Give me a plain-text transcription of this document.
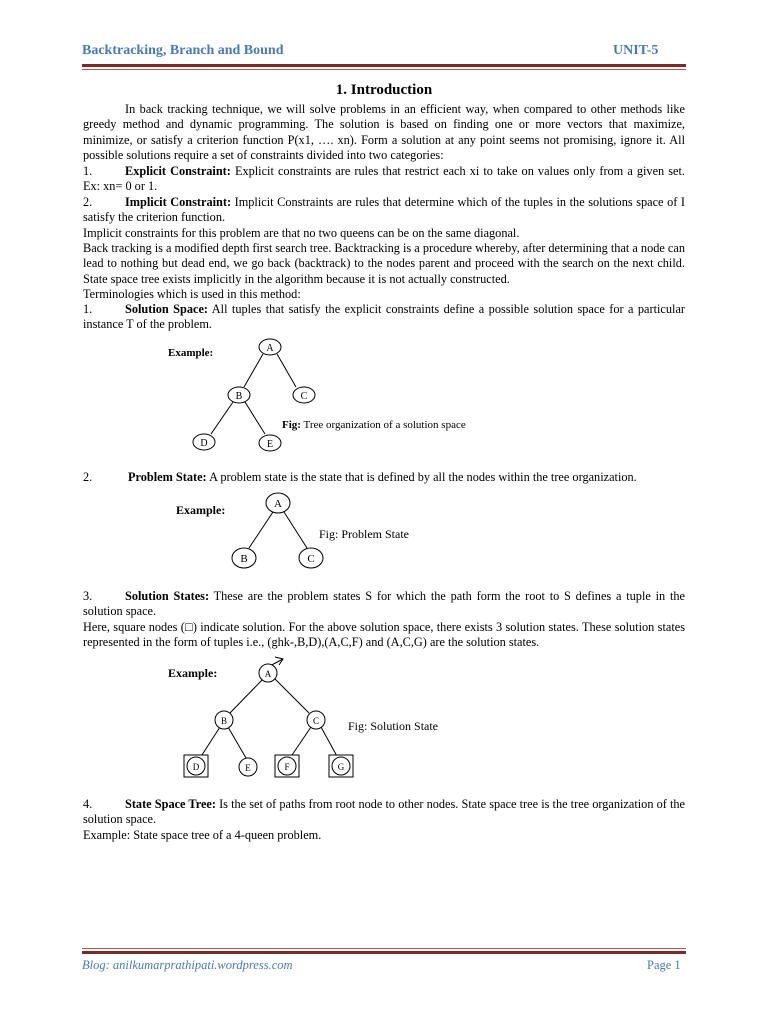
Backtracking, Branch and Bound	UNIT-5
1. Introduction

In back tracking technique, we will solve problems in an efficient way, when compared to other methods like greedy method and dynamic programming. The solution is based on finding one or more vectors that maximize, minimize, or satisfy a criterion function P(x1, …. xn). Form a solution at any point seems not promising, ignore it. All possible solutions require a set of constraints divided into two categories:

1.	Explicit Constraint: Explicit constraints are rules that restrict each xi to take on values only from a given set. Ex: xn= 0 or 1.

2.	Implicit Constraint: Implicit Constraints are rules that determine which of the tuples in the solutions space of I satisfy the criterion function.

Implicit constraints for this problem are that no two queens can be on the same diagonal.

Back tracking is a modified depth first search tree. Backtracking is a procedure whereby, after determining that a node can lead to nothing but dead end, we go back (backtrack) to the nodes parent and proceed with the search on the next child. State space tree exists implicitly in the algorithm because it is not actually constructed.

Terminologies which is used in this method:

1.	Solution Space: All tuples that satisfy the explicit constraints define a possible solution space for a particular instance T of the problem.

Example:	A
B	C
D	E
Fig: Tree organization of a solution space

2.	Problem State: A problem state is the state that is defined by all the nodes within the tree organization.

Example:	A
B	C
Fig: Problem State

3.	Solution States: These are the problem states S for which the path form the root to S defines a tuple in the solution space.

Here, square nodes (□) indicate solution. For the above solution space, there exists 3 solution states. These solution states represented in the form of tuples i.e., (ghk-,B,D),(A,C,F) and (A,C,G) are the solution states.

Example:	A
B	C
D	E	F	G
Fig: Solution State

4.	State Space Tree: Is the set of paths from root node to other nodes. State space tree is the tree organization of the solution space.

Example: State space tree of a 4-queen problem.

Blog: anilkumarprathipati.wordpress.com	Page 1
